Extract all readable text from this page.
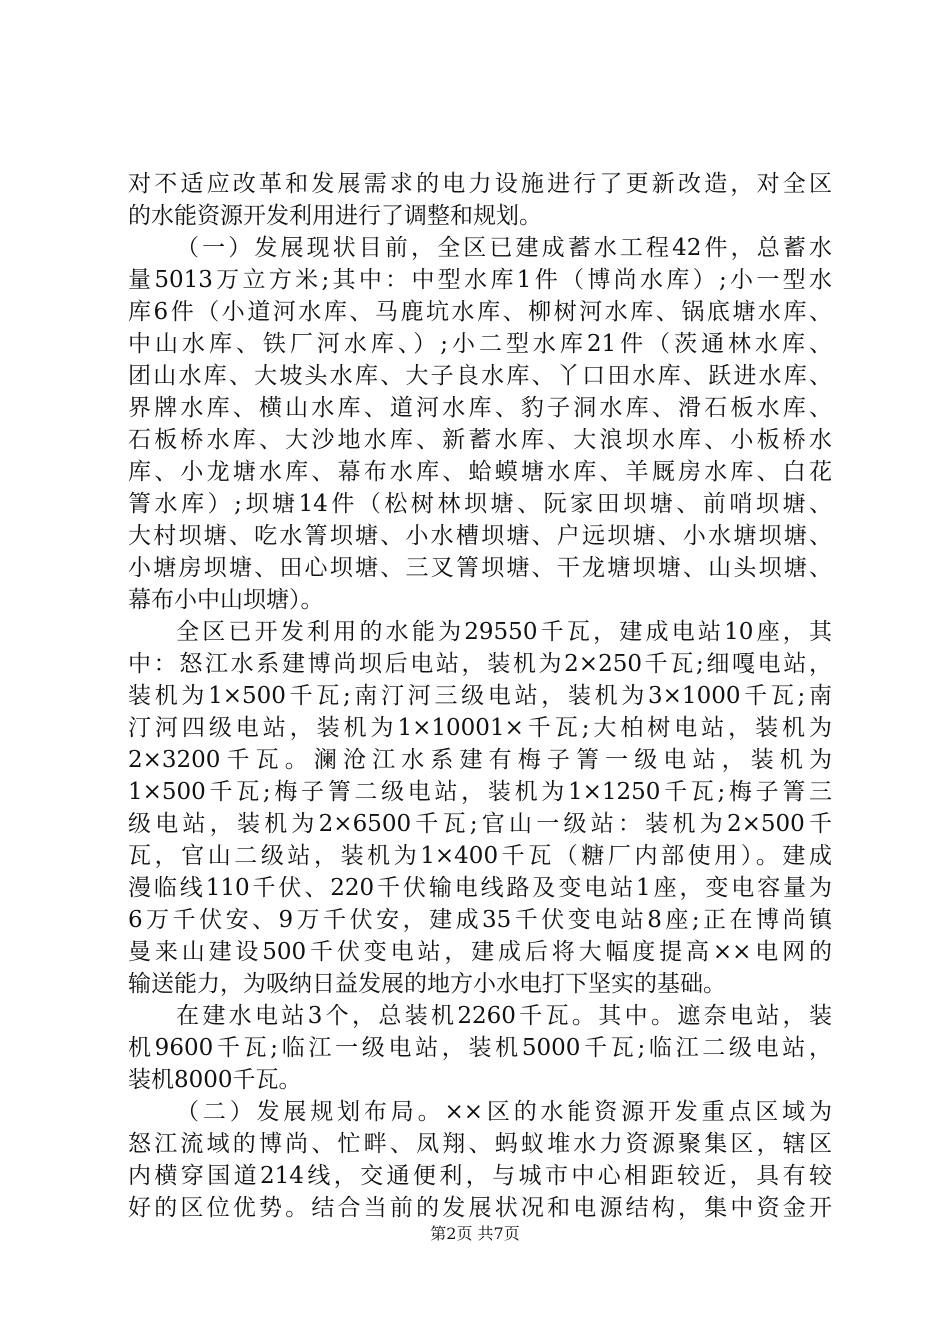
对不适应改革和发展需求的电力设施进行了更新改造，对全区
的水能资源开发利用进行了调整和规划。
（一）发展现状目前，全区已建成蓄水工程42件，总蓄水
量5013万立方米;其中：中型水库1件（博尚水库）;小一型水
库6件（小道河水库、马鹿坑水库、柳树河水库、锅底塘水库、
中山水库、铁厂河水库、）;小二型水库21件（茨通林水库、
团山水库、大坡头水库、大子良水库、丫口田水库、跃进水库、
界牌水库、横山水库、道河水库、豹子洞水库、滑石板水库、
石板桥水库、大沙地水库、新蓄水库、大浪坝水库、小板桥水
库、小龙塘水库、幕布水库、蛤蟆塘水库、羊厩房水库、白花
箐水库）;坝塘14件（松树林坝塘、阮家田坝塘、前哨坝塘、
大村坝塘、吃水箐坝塘、小水槽坝塘、户远坝塘、小水塘坝塘、
小塘房坝塘、田心坝塘、三叉箐坝塘、干龙塘坝塘、山头坝塘、
幕布小中山坝塘）。
全区已开发利用的水能为29550千瓦，建成电站10座，其
中：怒江水系建博尚坝后电站，装机为2×250千瓦;细嘎电站，
装机为1×500千瓦;南汀河三级电站，装机为3×1000千瓦;南
汀河四级电站，装机为1×10001×千瓦;大柏树电站，装机为
2×3200千瓦。澜沧江水系建有梅子箐一级电站，装机为
1×500千瓦;梅子箐二级电站，装机为1×1250千瓦;梅子箐三
级电站，装机为2×6500千瓦;官山一级站：装机为2×500千
瓦，官山二级站，装机为1×400千瓦（糖厂内部使用）。建成
漫临线110千伏、220千伏输电线路及变电站1座，变电容量为
6万千伏安、9万千伏安，建成35千伏变电站8座;正在博尚镇
曼来山建设500千伏变电站，建成后将大幅度提高××电网的
输送能力，为吸纳日益发展的地方小水电打下坚实的基础。
在建水电站3个，总装机2260千瓦。其中。遮奈电站，装
机9600千瓦;临江一级电站，装机5000千瓦;临江二级电站，
装机8000千瓦。
（二）发展规划布局。××区的水能资源开发重点区域为
怒江流域的博尚、忙畔、凤翔、蚂蚁堆水力资源聚集区，辖区
内横穿国道214线，交通便利，与城市中心相距较近，具有较
好的区位优势。结合当前的发展状况和电源结构，集中资金开
第2页 共7页
